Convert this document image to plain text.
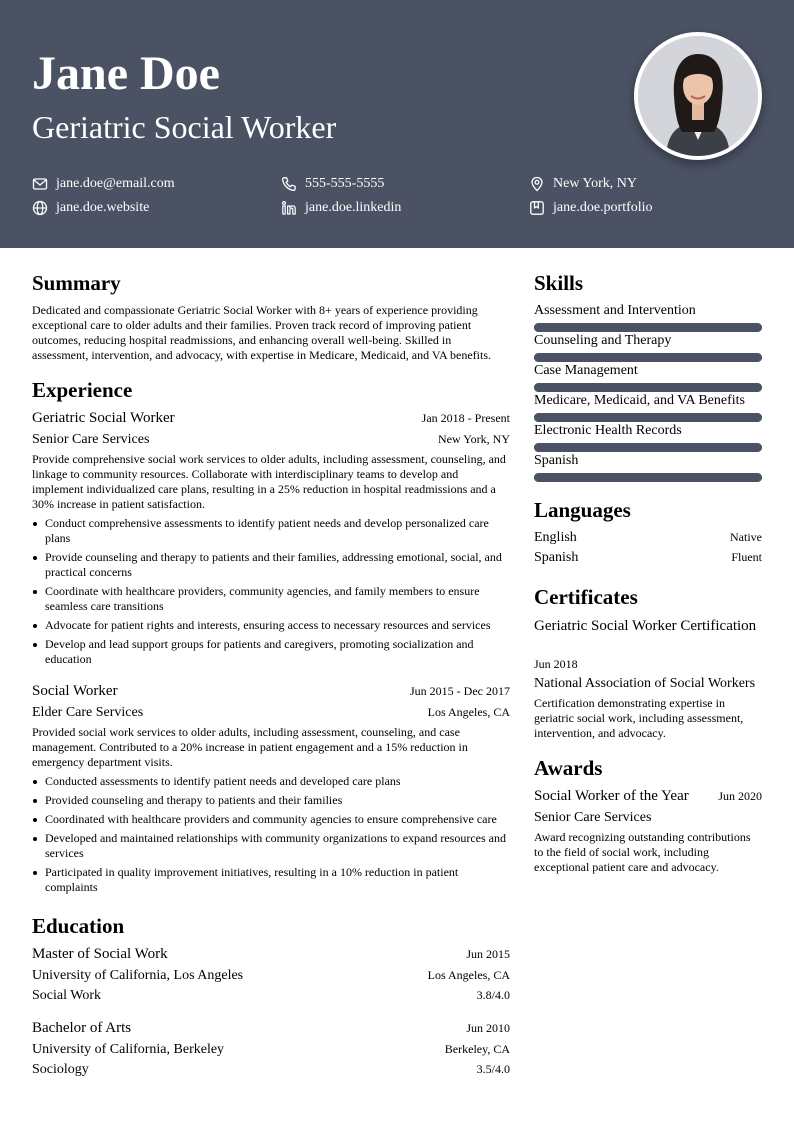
Jane Doe
Geriatric Social Worker
jane.doe@email.com	555-555-5555	New York, NY
jane.doe.website	jane.doe.linkedin	jane.doe.portfolio
Summary
Dedicated and compassionate Geriatric Social Worker with 8+ years of experience providing exceptional care to older adults and their families. Proven track record of improving patient outcomes, reducing hospital readmissions, and enhancing overall well-being. Skilled in assessment, intervention, and advocacy, with expertise in Medicare, Medicaid, and VA benefits.
Experience
Geriatric Social Worker	Jan 2018 - Present
Senior Care Services	New York, NY
Provide comprehensive social work services to older adults, including assessment, counseling, and linkage to community resources. Collaborate with interdisciplinary teams to develop and implement individualized care plans, resulting in a 25% reduction in hospital readmissions and a 30% increase in patient satisfaction.
Conduct comprehensive assessments to identify patient needs and develop personalized care plans
Provide counseling and therapy to patients and their families, addressing emotional, social, and practical concerns
Coordinate with healthcare providers, community agencies, and family members to ensure seamless care transitions
Advocate for patient rights and interests, ensuring access to necessary resources and services
Develop and lead support groups for patients and caregivers, promoting socialization and education
Social Worker	Jun 2015 - Dec 2017
Elder Care Services	Los Angeles, CA
Provided social work services to older adults, including assessment, counseling, and case management. Contributed to a 20% increase in patient engagement and a 15% reduction in emergency department visits.
Conducted assessments to identify patient needs and developed care plans
Provided counseling and therapy to patients and their families
Coordinated with healthcare providers and community agencies to ensure comprehensive care
Developed and maintained relationships with community organizations to expand resources and services
Participated in quality improvement initiatives, resulting in a 10% reduction in patient complaints
Education
Master of Social Work	Jun 2015
University of California, Los Angeles	Los Angeles, CA
Social Work	3.8/4.0
Bachelor of Arts	Jun 2010
University of California, Berkeley	Berkeley, CA
Sociology	3.5/4.0
Skills
Assessment and Intervention
Counseling and Therapy
Case Management
Medicare, Medicaid, and VA Benefits
Electronic Health Records
Spanish
Languages
English	Native
Spanish	Fluent
Certificates
Geriatric Social Worker Certification
Jun 2018
National Association of Social Workers
Certification demonstrating expertise in geriatric social work, including assessment, intervention, and advocacy.
Awards
Social Worker of the Year Jun 2020
Senior Care Services
Award recognizing outstanding contributions to the field of social work, including exceptional patient care and advocacy.
